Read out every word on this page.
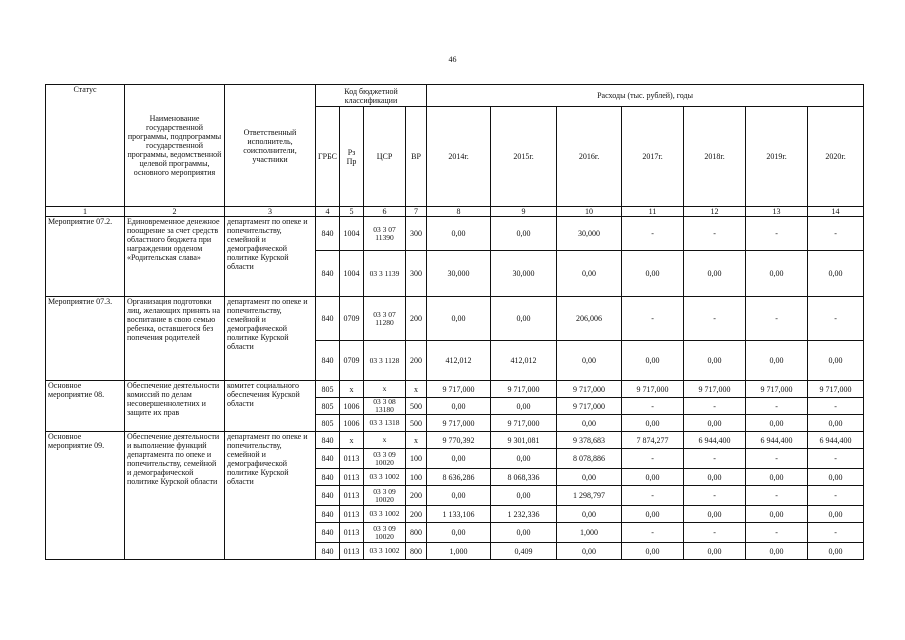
46
Статус	Наименование государственной программы, подпрограммы государственной программы, ведомственной целевой программы, основного мероприятия	Ответственный исполнитель, соисполнители, участники	Код бюджетной классификации				Расходы (тыс. рублей), годы						
			ГРБС	Рз Пр	ЦСР	ВР	2014г.	2015г.	2016г.	2017г.	2018г.	2019г.	2020г.
1	2	3	4	5	6	7	8	9	10	11	12	13	14
Мероприятие 07.2.	Единовременное денежное поощрение за счет средств областного бюджета при награждении орденом «Родительская слава»	департамент по опеке и попечительству, семейной и демографической политике Курской области	840	1004	03 3 07 11390	300	0,00	0,00	30,000	-	-	-	-
			840	1004	03 3 1139	300	30,000	30,000	0,00	0,00	0,00	0,00	0,00
Мероприятие 07.3.	Организация подготовки лиц, желающих принять на воспитание в свою семью ребенка, оставшегося без попечения родителей	департамент по опеке и попечительству, семейной и демографической политике Курской области	840	0709	03 3 07 11280	200	0,00	0,00	206,006	-	-	-	-
			840	0709	03 3 1128	200	412,012	412,012	0,00	0,00	0,00	0,00	0,00
Основное мероприятие 08.	Обеспечение деятельности комиссий по делам несовершеннолетних и защите их прав	комитет социального обеспечения Курской области	805	x	x	x	9 717,000	9 717,000	9 717,000	9 717,000	9 717,000	9 717,000	9 717,000
			805	1006	03 3 08 13180	500	0,00	0,00	9 717,000	-	-	-	-
			805	1006	03 3 1318	500	9 717,000	9 717,000	0,00	0,00	0,00	0,00	0,00
Основное мероприятие 09.	Обеспечение деятельности и выполнение функций департамента по опеке и попечительству, семейной и демографической политике Курской области	департамент по опеке и попечительству, семейной и демографической политике Курской области	840	x	x	x	9 770,392	9 301,081	9 378,683	7 874,277	6 944,400	6 944,400	6 944,400
			840	0113	03 3 09 10020	100	0,00	0,00	8 078,886	-	-	-	-
			840	0113	03 3 1002	100	8 636,286	8 068,336	0,00	0,00	0,00	0,00	0,00
			840	0113	03 3 09 10020	200	0,00	0,00	1 298,797	-	-	-	-
			840	0113	03 3 1002	200	1 133,106	1 232,336	0,00	0,00	0,00	0,00	0,00
			840	0113	03 3 09 10020	800	0,00	0,00	1,000	-	-	-	-
			840	0113	03 3 1002	800	1,000	0,409	0,00	0,00	0,00	0,00	0,00
